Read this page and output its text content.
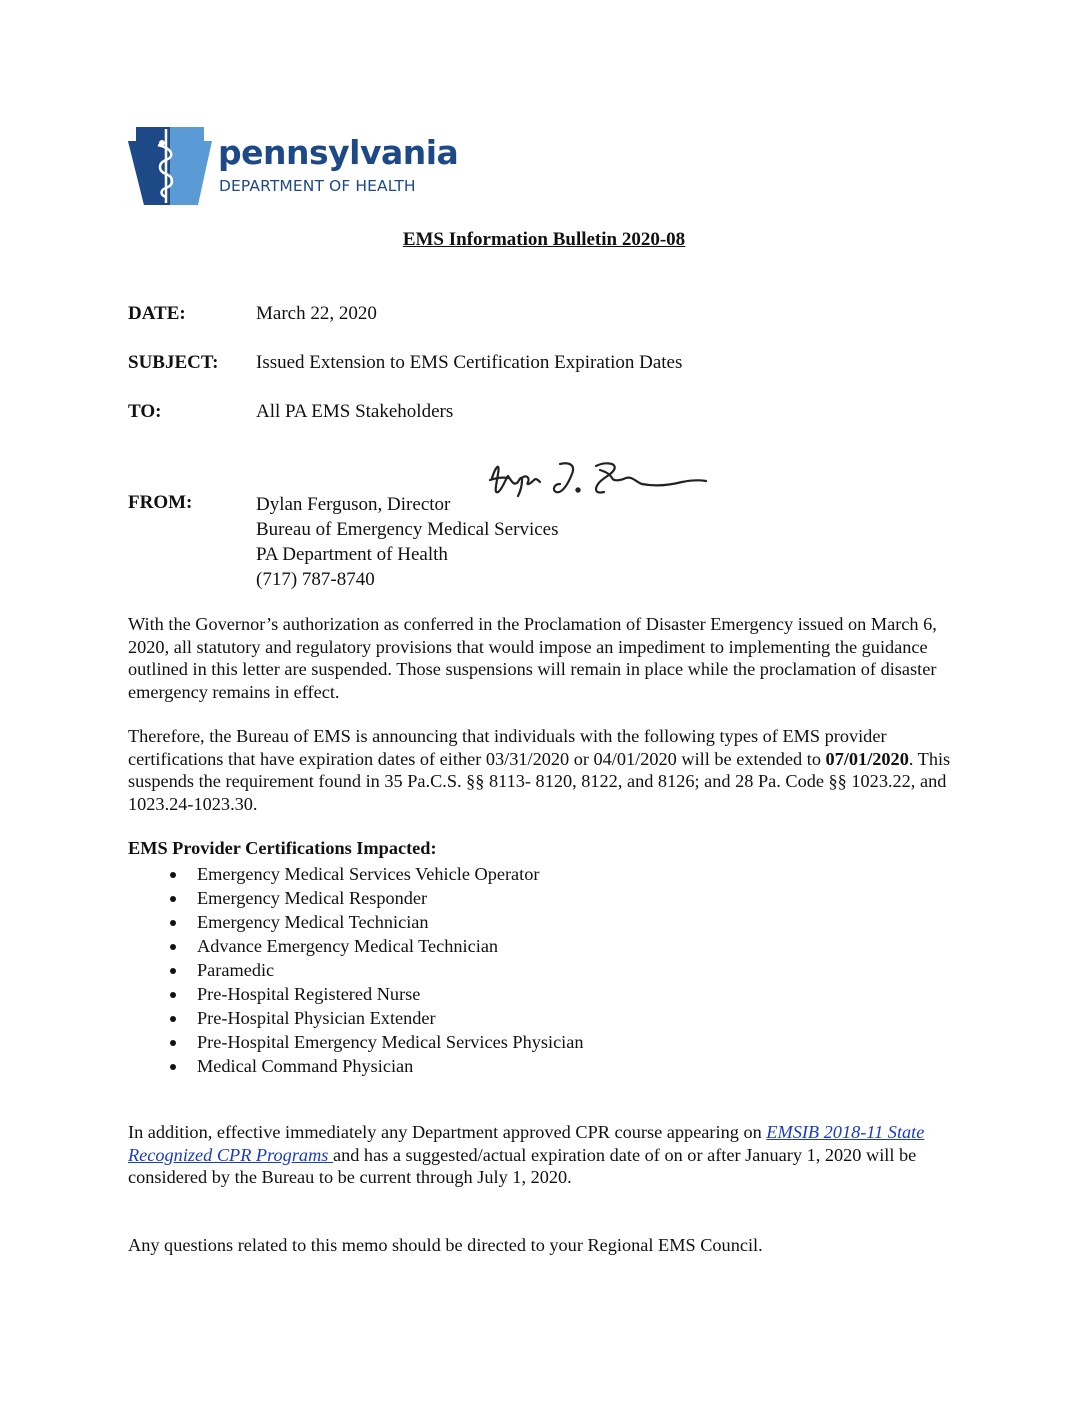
pennsylvania
DEPARTMENT OF HEALTH
EMS Information Bulletin 2020-08
DATE:	March 22, 2020
SUBJECT:	Issued Extension to EMS Certification Expiration Dates
TO:	All PA EMS Stakeholders
FROM:	Dylan Ferguson, Director
Bureau of Emergency Medical Services
PA Department of Health
(717) 787-8740
With the Governor’s authorization as conferred in the Proclamation of Disaster Emergency issued on March 6, 2020, all statutory and regulatory provisions that would impose an impediment to implementing the guidance outlined in this letter are suspended. Those suspensions will remain in place while the proclamation of disaster emergency remains in effect.
Therefore, the Bureau of EMS is announcing that individuals with the following types of EMS provider certifications that have expiration dates of either 03/31/2020 or 04/01/2020 will be extended to 07/01/2020. This suspends the requirement found in 35 Pa.C.S. §§ 8113- 8120, 8122, and 8126; and 28 Pa. Code §§ 1023.22, and 1023.24-1023.30.
EMS Provider Certifications Impacted:
Emergency Medical Services Vehicle Operator
Emergency Medical Responder
Emergency Medical Technician
Advance Emergency Medical Technician
Paramedic
Pre-Hospital Registered Nurse
Pre-Hospital Physician Extender
Pre-Hospital Emergency Medical Services Physician
Medical Command Physician
In addition, effective immediately any Department approved CPR course appearing on EMSIB 2018-11 State Recognized CPR Programs and has a suggested/actual expiration date of on or after January 1, 2020 will be considered by the Bureau to be current through July 1, 2020.
Any questions related to this memo should be directed to your Regional EMS Council.
